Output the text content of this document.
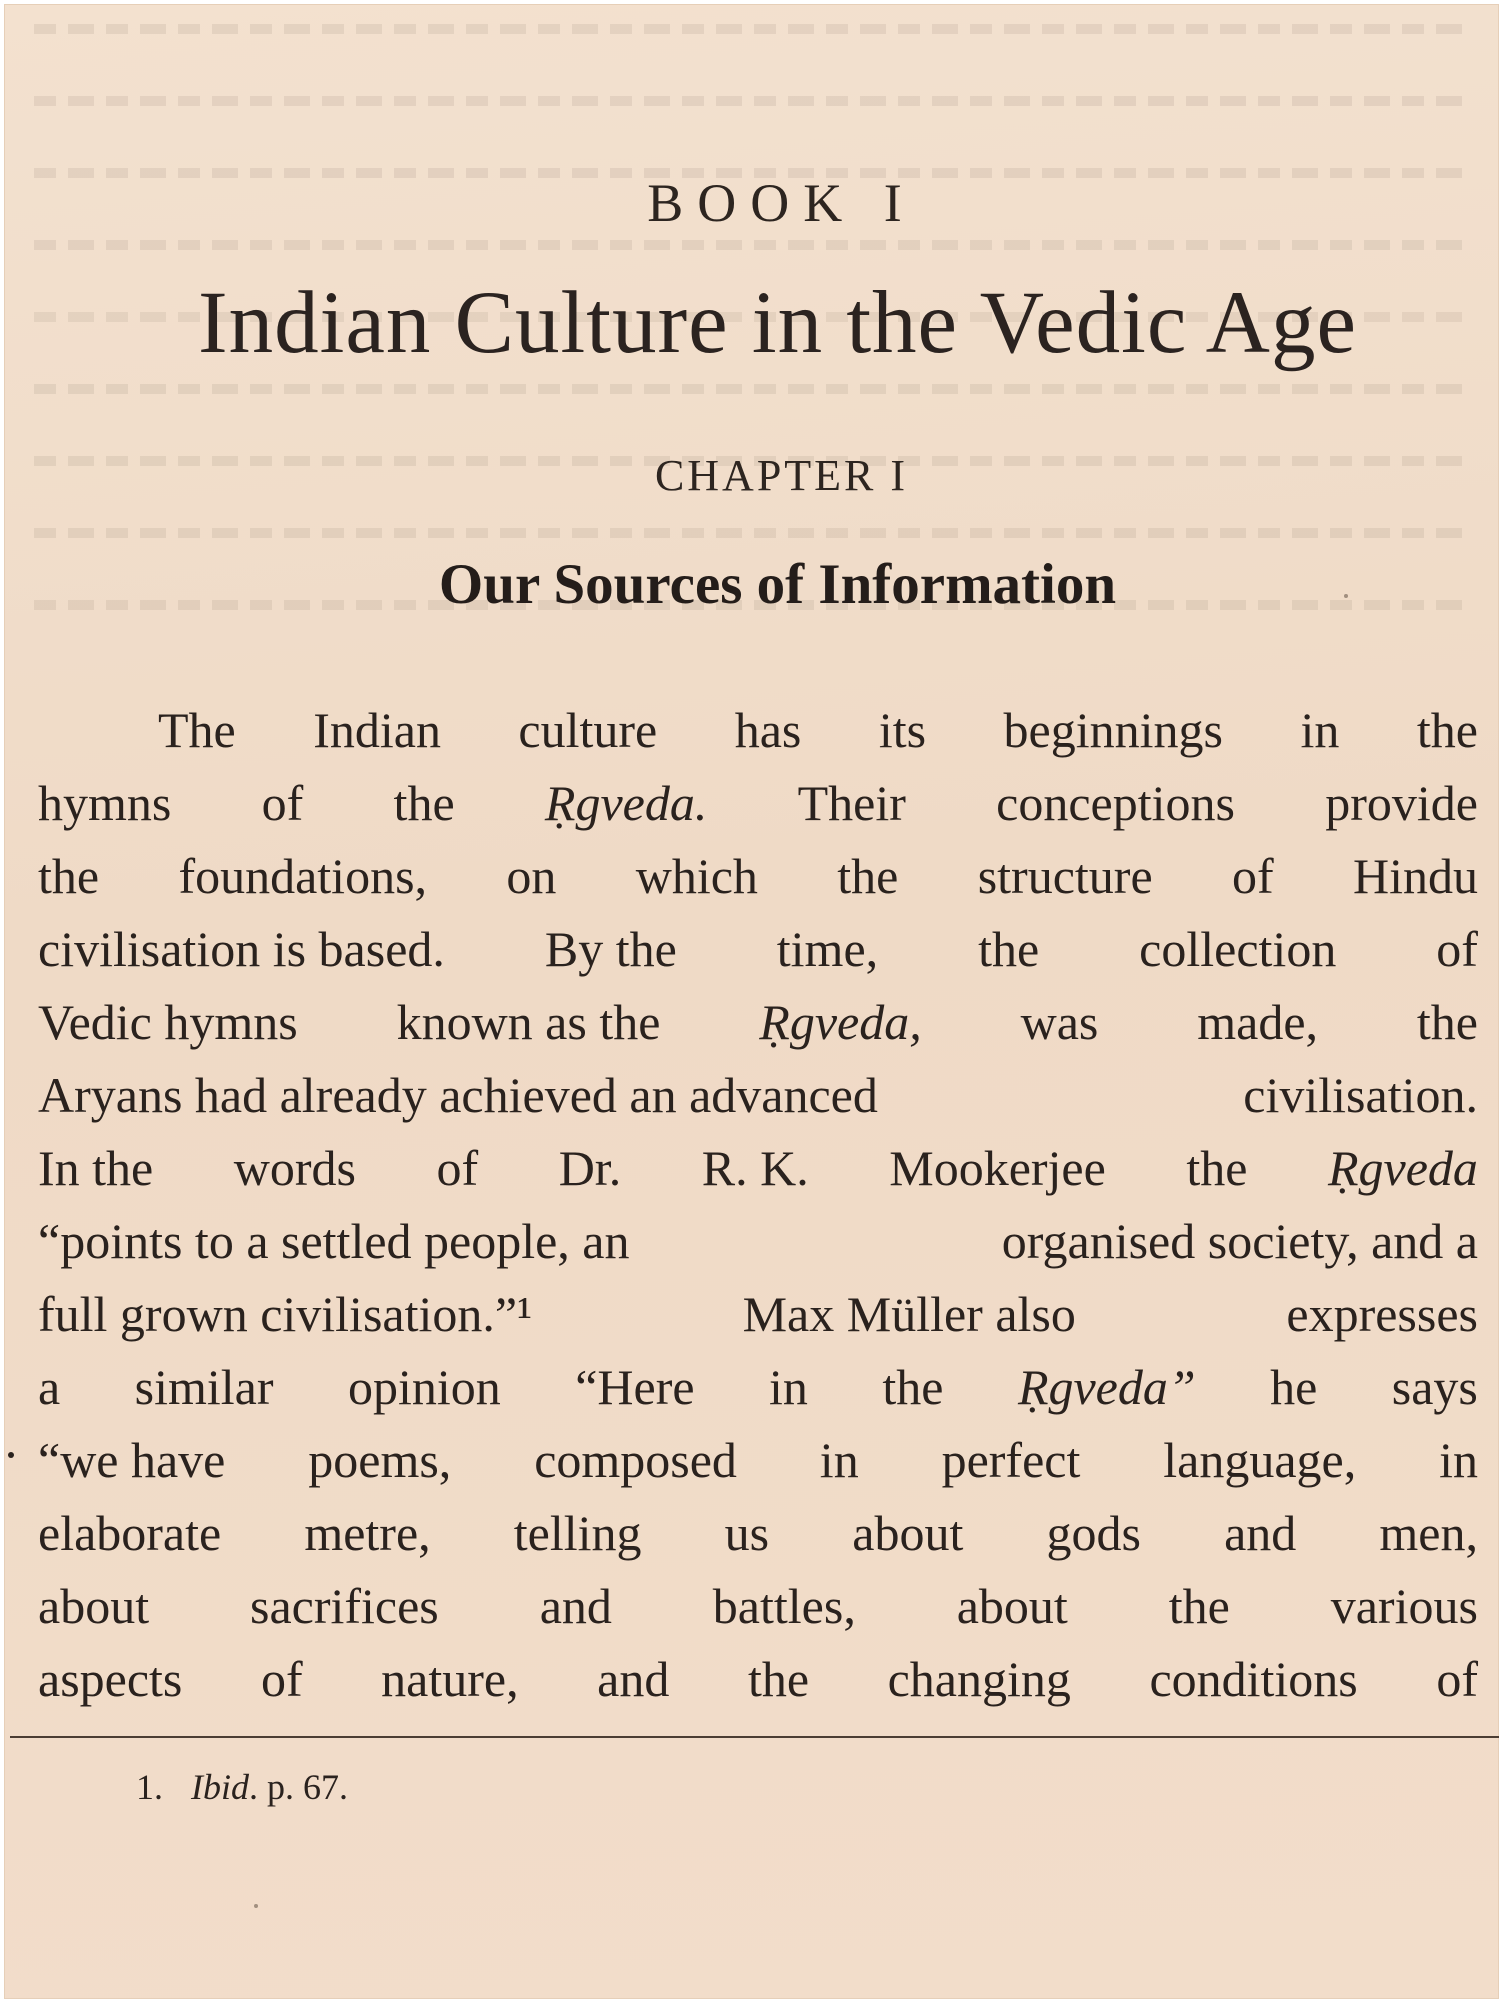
BOOK I
Indian Culture in the Vedic Age
CHAPTER I
Our Sources of Information
The Indian culture has its beginnings in the
hymns of the Ṛgveda. Their conceptions provide
the foundations, on which the structure of Hindu
civilisation is based. By the time, the collection of
Vedic hymns known as the Ṛgveda, was made, the
Aryans had already achieved an advanced	civilisation.
In the words of Dr. R. K. Mookerjee the Ṛgveda
“points to a settled people, an	organised society, and a
full grown civilisation.”¹	Max Müller also	expresses
a similar opinion “Here in the Ṛgveda” he says
“we have poems, composed in perfect language, in
elaborate metre, telling us about gods and men,
about sacrifices and battles, about the various
aspects of nature, and the changing conditions of
1. Ibid. p. 67.
